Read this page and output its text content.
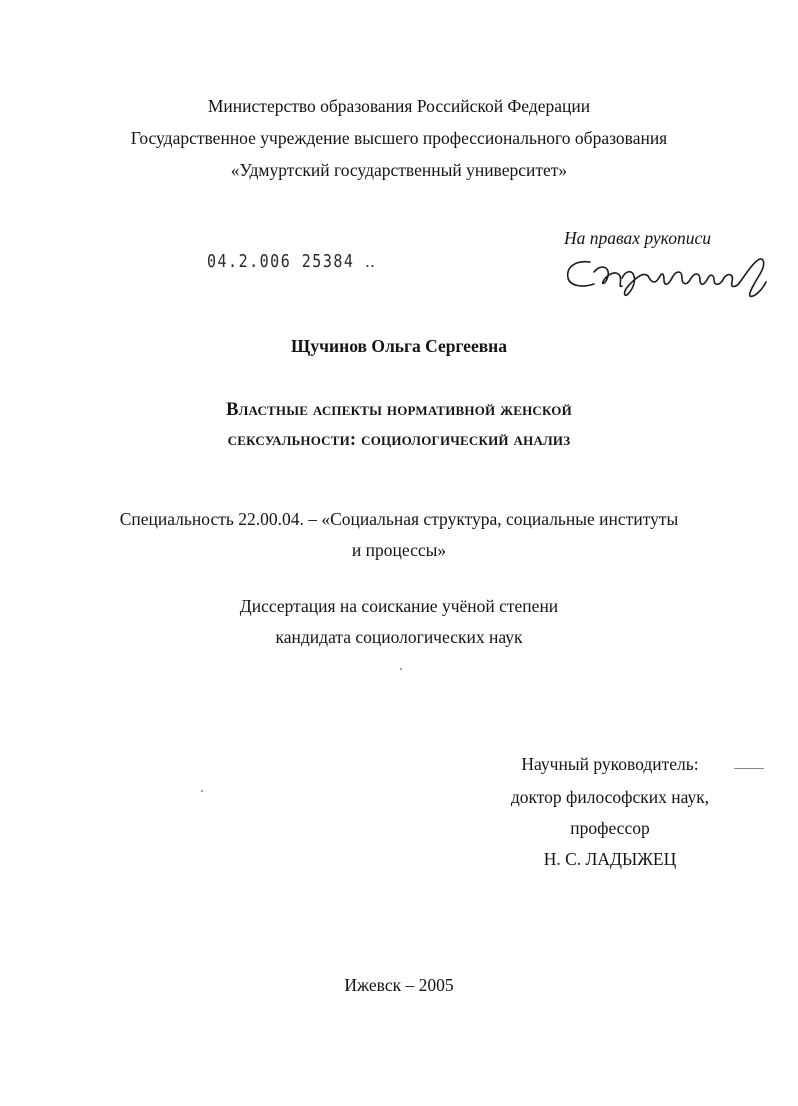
Министерство образования Российской Федерации
Государственное учреждение высшего профессионального образования
«Удмуртский государственный университет»
04.2.006 25384 ‥
На правах рукописи
Щучинов Ольга Сергеевна
Властные аспекты нормативной женской
сексуальности: социологический анализ
Специальность 22.00.04. – «Социальная структура, социальные институты
и процессы»
Диссертация на соискание учёной степени
кандидата социологических наук
Научный руководитель:
доктор философских наук,
профессор
Н. С. ЛАДЫЖЕЦ
Ижевск – 2005
